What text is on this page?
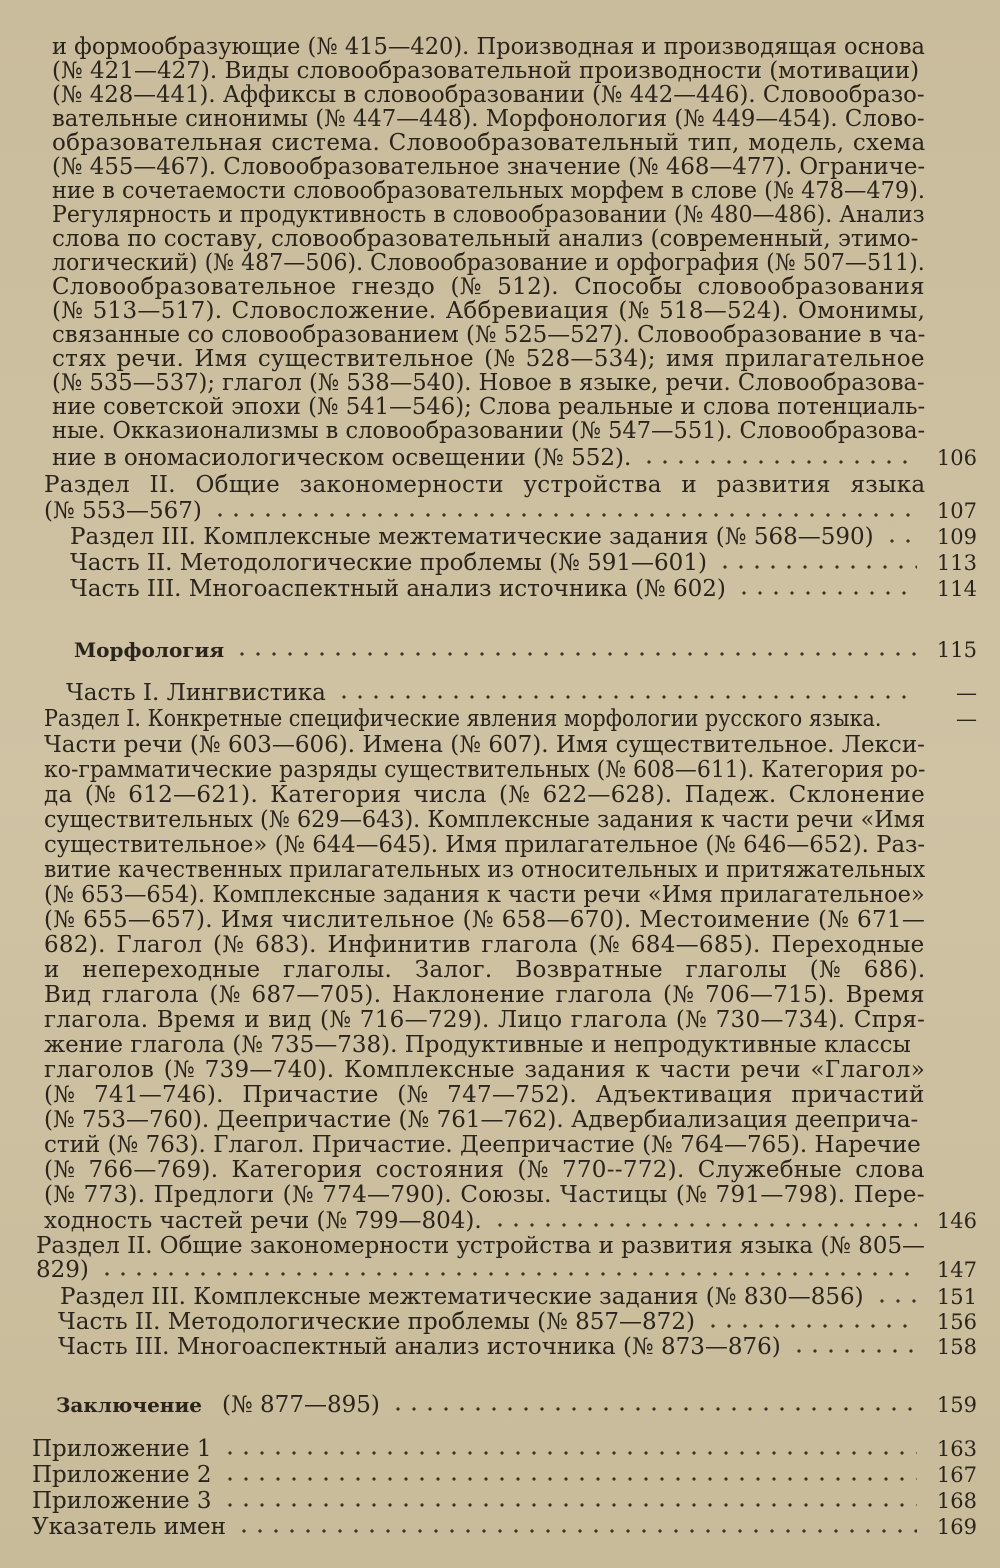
и формообразующие (№ 415—420). Производная и производящая основа
(№ 421—427). Виды словообразовательной производности (мотивации)
(№ 428—441). Аффиксы в словообразовании (№ 442—446). Словообразо-
вательные синонимы (№ 447—448). Морфонология (№ 449—454). Слово-
образовательная система. Словообразовательный тип, модель, схема
(№ 455—467). Словообразовательное значение (№ 468—477). Ограниче-
ние в сочетаемости словообразовательных морфем в слове (№ 478—479).
Регулярность и продуктивность в словообразовании (№ 480—486). Анализ
слова по составу, словообразовательный анализ (современный, этимо-
логический) (№ 487—506). Словообразование и орфография (№ 507—511).
Словообразовательное гнездо (№ 512). Способы словообразования
(№ 513—517). Словосложение. Аббревиация (№ 518—524). Омонимы,
связанные со словообразованием (№ 525—527). Словообразование в ча-
стях речи. Имя существительное (№ 528—534); имя прилагательное
(№ 535—537); глагол (№ 538—540). Новое в языке, речи. Словообразова-
ние советской эпохи (№ 541—546); Слова реальные и слова потенциаль-
ные. Окказионализмы в словообразовании (№ 547—551). Словообразова-
ние в ономасиологическом освещении (№ 552).	106
Раздел II. Общие закономерности устройства и развития языка
(№ 553—567)	107
Раздел III. Комплексные межтематические задания (№ 568—590)	109
Часть II. Методологические проблемы (№ 591—601)	113
Часть III. Многоаспектный анализ источника (№ 602)	114
Морфология	115
Часть I. Лингвистика	—
Раздел I. Конкретные специфические явления морфологии русского языка.	—
Части речи (№ 603—606). Имена (№ 607). Имя существительное. Лекси-
ко-грамматические разряды существительных (№ 608—611). Категория ро-
да (№ 612—621). Категория числа (№ 622—628). Падеж. Склонение
существительных (№ 629—643). Комплексные задания к части речи «Имя
существительное» (№ 644—645). Имя прилагательное (№ 646—652). Раз-
витие качественных прилагательных из относительных и притяжательных
(№ 653—654). Комплексные задания к части речи «Имя прилагательное»
(№ 655—657). Имя числительное (№ 658—670). Местоимение (№ 671—
682). Глагол (№ 683). Инфинитив глагола (№ 684—685). Переходные
и непереходные глаголы. Залог. Возвратные глаголы (№ 686).
Вид глагола (№ 687—705). Наклонение глагола (№ 706—715). Время
глагола. Время и вид (№ 716—729). Лицо глагола (№ 730—734). Спря-
жение глагола (№ 735—738). Продуктивные и непродуктивные классы
глаголов (№ 739—740). Комплексные задания к части речи «Глагол»
(№ 741—746). Причастие (№ 747—752). Адъективация причастий
(№ 753—760). Деепричастие (№ 761—762). Адвербиализация дееприча-
стий (№ 763). Глагол. Причастие. Деепричастие (№ 764—765). Наречие
(№ 766—769). Категория состояния (№ 770--772). Служебные слова
(№ 773). Предлоги (№ 774—790). Союзы. Частицы (№ 791—798). Пере-
ходность частей речи (№ 799—804).	146
Раздел II. Общие закономерности устройства и развития языка (№ 805—
829)	147
Раздел III. Комплексные межтематические задания (№ 830—856)	151
Часть II. Методологические проблемы (№ 857—872)	156
Часть III. Многоаспектный анализ источника (№ 873—876)	158
Заключение (№ 877—895)	159
Приложение 1	163
Приложение 2	167
Приложение 3	168
Указатель имен	169
